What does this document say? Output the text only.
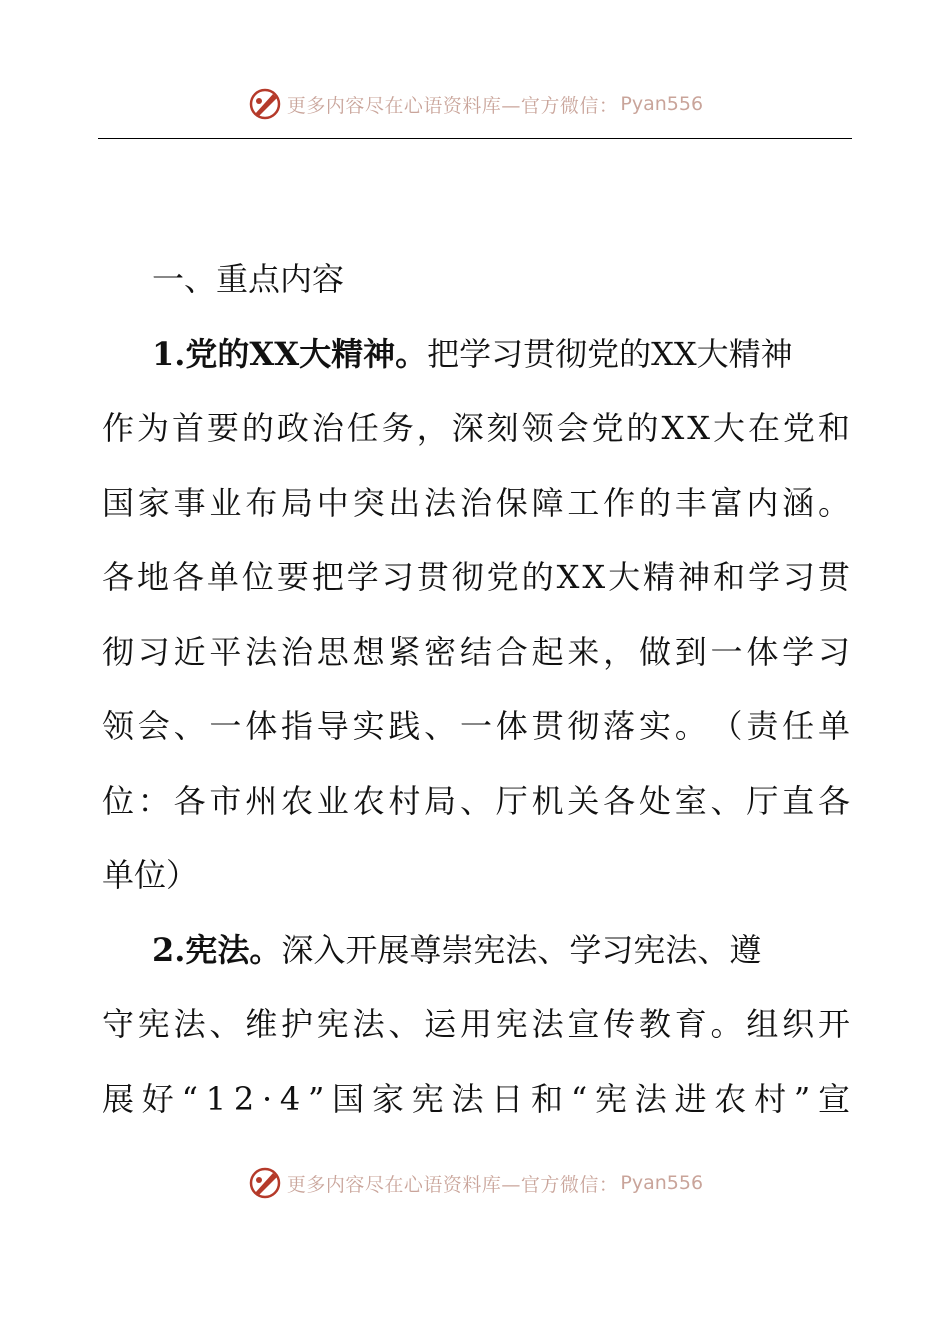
更多内容尽在心语资料库—官方微信： Pyan556
一、重点内容
1.党的XX大精神。 把学习贯彻党的XX大精神
作 为 首 要 的 政 治 任 务 ， 深 刻 领 会 党 的 X X 大 在 党 和
国 家 事 业 布 局 中 突 出 法 治 保 障 工 作 的 丰 富 内 涵 。
各 地 各 单 位 要 把 学 习 贯 彻 党 的 X X 大 精 神 和 学 习 贯
彻 习 近 平 法 治 思 想 紧 密 结 合 起 来 ， 做 到 一 体 学 习
领 会 、 一 体 指 导 实 践 、 一 体 贯 彻 落 实 。 （ 责 任 单
位 ： 各 市 州 农 业 农 村 局 、 厅 机 关 各 处 室 、 厅 直 各
单位）
2.宪法。 深入开展尊崇宪法、学习宪法、遵
守 宪 法 、 维 护 宪 法 、 运 用 宪 法 宣 传 教 育 。 组 织 开
展 好 “ 1 2 · 4 ” 国 家 宪 法 日 和 “ 宪 法 进 农 村 ” 宣
更多内容尽在心语资料库—官方微信： Pyan556
